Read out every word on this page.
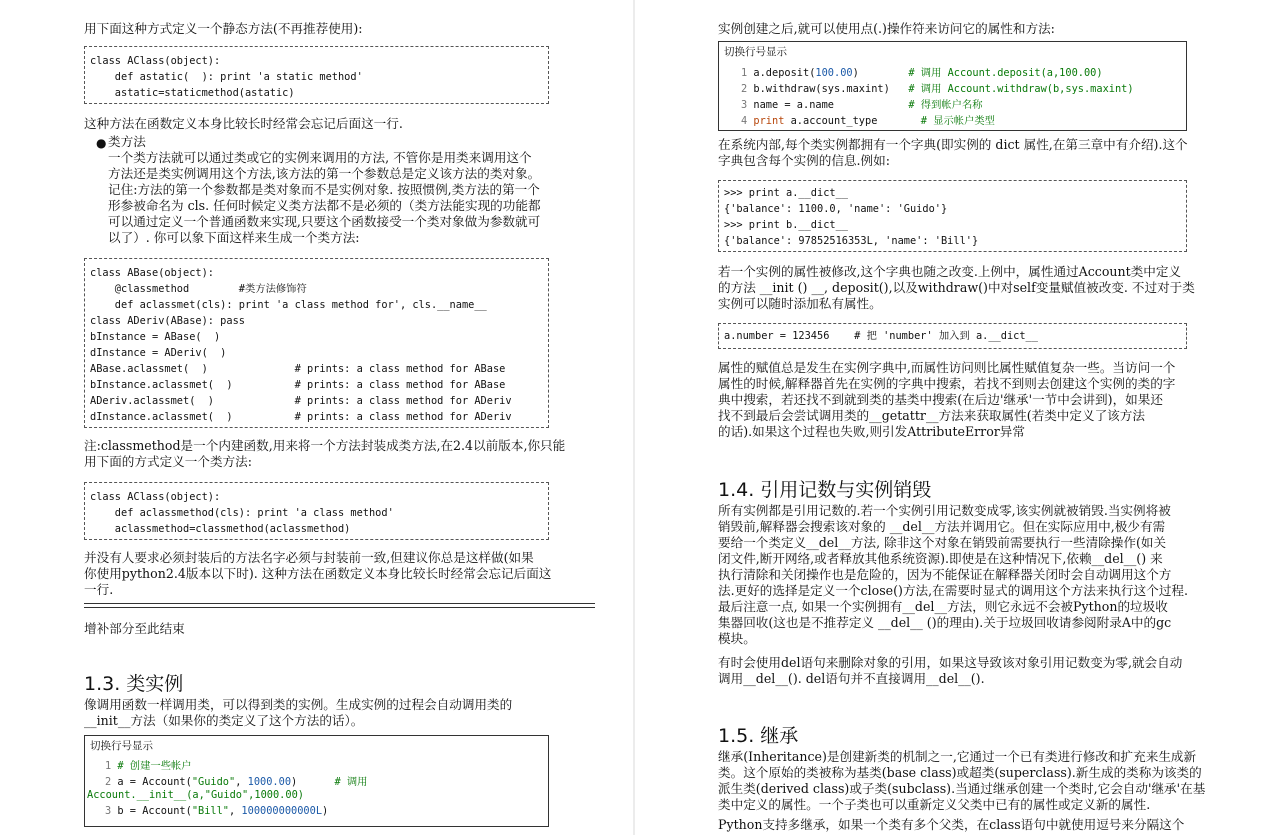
用下面这种方式定义一个静态方法(不再推荐使用):

class AClass(object):
def astatic(  ): print 'a static method'
astatic=staticmethod(astatic)

这种方法在函数定义本身比较长时经常会忘记后面这一行.

● 类方法

一个类方法就可以通过类或它的实例来调用的方法, 不管你是用类来调用这个

方法还是类实例调用这个方法,该方法的第一个参数总是定义该方法的类对象。

记住:方法的第一个参数都是类对象而不是实例对象. 按照惯例,类方法的第一个

形参被命名为 cls. 任何时候定义类方法都不是必须的（类方法能实现的功能都

可以通过定义一个普通函数来实现,只要这个函数接受一个类对象做为参数就可

以了）. 你可以象下面这样来生成一个类方法:

class ABase(object):
@classmethod        #类方法修饰符
def aclassmet(cls): print 'a class method for', cls.__name__
class ADeriv(ABase): pass
bInstance = ABase(  )
dInstance = ADeriv(  )
ABase.aclassmet(  )              # prints: a class method for ABase
bInstance.aclassmet(  )          # prints: a class method for ABase
ADeriv.aclassmet(  )             # prints: a class method for ADeriv
dInstance.aclassmet(  )          # prints: a class method for ADeriv

注:classmethod是一个内建函数,用来将一个方法封装成类方法,在2.4以前版本,你只能

用下面的方式定义一个类方法:

class AClass(object):
def aclassmethod(cls): print 'a class method'
aclassmethod=classmethod(aclassmethod)

并没有人要求必须封装后的方法名字必须与封装前一致,但建议你总是这样做(如果

你使用python2.4版本以下时). 这种方法在函数定义本身比较长时经常会忘记后面这

一行.

增补部分至此结束

1.3. 类实例

像调用函数一样调用类，可以得到类的实例。生成实例的过程会自动调用类的

__init__方法（如果你的类定义了这个方法的话）。

切换行号显示
1 # 创建一些帐户
2 a = Account("Guido", 1000.00)      # 调用
Account.__init__(a,"Guido",1000.00)
3 b = Account("Bill", 100000000000L)

实例创建之后,就可以使用点(.)操作符来访问它的属性和方法:

切换行号显示
1 a.deposit(100.00)        # 调用 Account.deposit(a,100.00)
2 b.withdraw(sys.maxint)   # 调用 Account.withdraw(b,sys.maxint)
3 name = a.name            # 得到帐户名称
4 print a.account_type       # 显示帐户类型

在系统内部,每个类实例都拥有一个字典(即实例的 dict 属性,在第三章中有介绍).这个

字典包含每个实例的信息.例如:

>>> print a.__dict__
{'balance': 1100.0, 'name': 'Guido'}
>>> print b.__dict__
{'balance': 97852516353L, 'name': 'Bill'}

若一个实例的属性被修改,这个字典也随之改变.上例中，属性通过Account类中定义

的方法 __init () __, deposit(),以及withdraw()中对self变量赋值被改变. 不过对于类

实例可以随时添加私有属性。

a.number = 123456    # 把 'number' 加入到 a.__dict__

属性的赋值总是发生在实例字典中,而属性访问则比属性赋值复杂一些。当访问一个

属性的时候,解释器首先在实例的字典中搜索，若找不到则去创建这个实例的类的字

典中搜索，若还找不到就到类的基类中搜索(在后边'继承'一节中会讲到)，如果还

找不到最后会尝试调用类的__getattr__方法来获取属性(若类中定义了该方法

的话).如果这个过程也失败,则引发AttributeError异常

1.4. 引用记数与实例销毁

所有实例都是引用记数的.若一个实例引用记数变成零,该实例就被销毁.当实例将被

销毁前,解释器会搜索该对象的 __del__方法并调用它。但在实际应用中,极少有需

要给一个类定义__del__方法, 除非这个对象在销毁前需要执行一些清除操作(如关

闭文件,断开网络,或者释放其他系统资源).即使是在这种情况下,依赖__del__() 来

执行清除和关闭操作也是危险的，因为不能保证在解释器关闭时会自动调用这个方

法.更好的选择是定义一个close()方法,在需要时显式的调用这个方法来执行这个过程.

最后注意一点, 如果一个实例拥有__del__方法，则它永远不会被Python的垃圾收

集器回收(这也是不推荐定义 __del__ ()的理由).关于垃圾回收请参阅附录A中的gc

模块。

有时会使用del语句来删除对象的引用，如果这导致该对象引用记数变为零,就会自动

调用__del__(). del语句并不直接调用__del__().

1.5. 继承

继承(Inheritance)是创建新类的机制之一,它通过一个已有类进行修改和扩充来生成新

类。这个原始的类被称为基类(base class)或超类(superclass).新生成的类称为该类的

派生类(derived class)或子类(subclass).当通过继承创建一个类时,它会自动'继承'在基

类中定义的属性。一个子类也可以重新定义父类中已有的属性或定义新的属性.

Python支持多继承，如果一个类有多个父类，在class语句中就使用逗号来分隔这个
